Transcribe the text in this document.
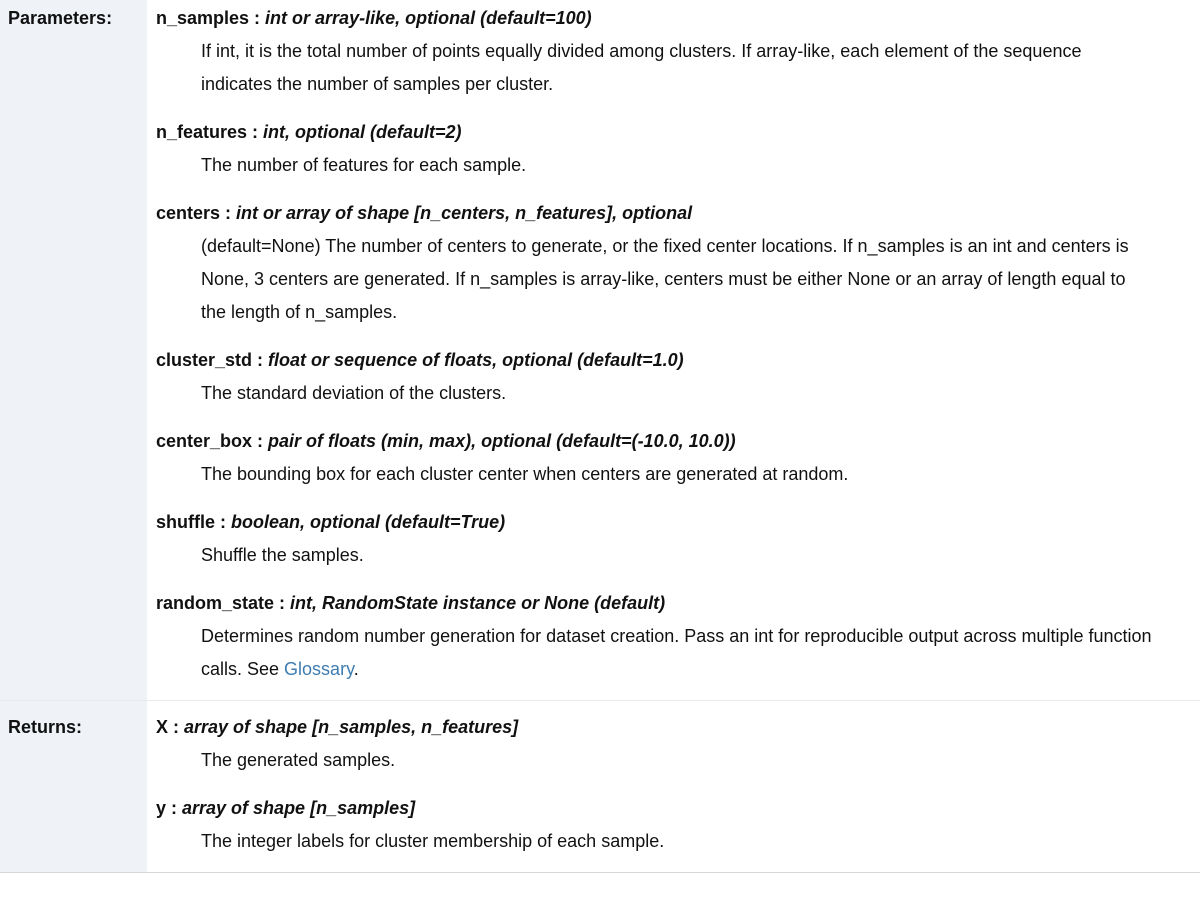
Parameters:	n_samples : int or array-like, optional (default=100)
If int, it is the total number of points equally divided among clusters. If array-like, each element of the sequence indicates the number of samples per cluster.
n_features : int, optional (default=2)
The number of features for each sample.
centers : int or array of shape [n_centers, n_features], optional
(default=None) The number of centers to generate, or the fixed center locations. If n_samples is an int and centers is None, 3 centers are generated. If n_samples is array-like, centers must be either None or an array of length equal to the length of n_samples.
cluster_std : float or sequence of floats, optional (default=1.0)
The standard deviation of the clusters.
center_box : pair of floats (min, max), optional (default=(-10.0, 10.0))
The bounding box for each cluster center when centers are generated at random.
shuffle : boolean, optional (default=True)
Shuffle the samples.
random_state : int, RandomState instance or None (default)
Determines random number generation for dataset creation. Pass an int for reproducible output across multiple function calls. See Glossary.

Returns:	X : array of shape [n_samples, n_features]
The generated samples.
y : array of shape [n_samples]
The integer labels for cluster membership of each sample.
